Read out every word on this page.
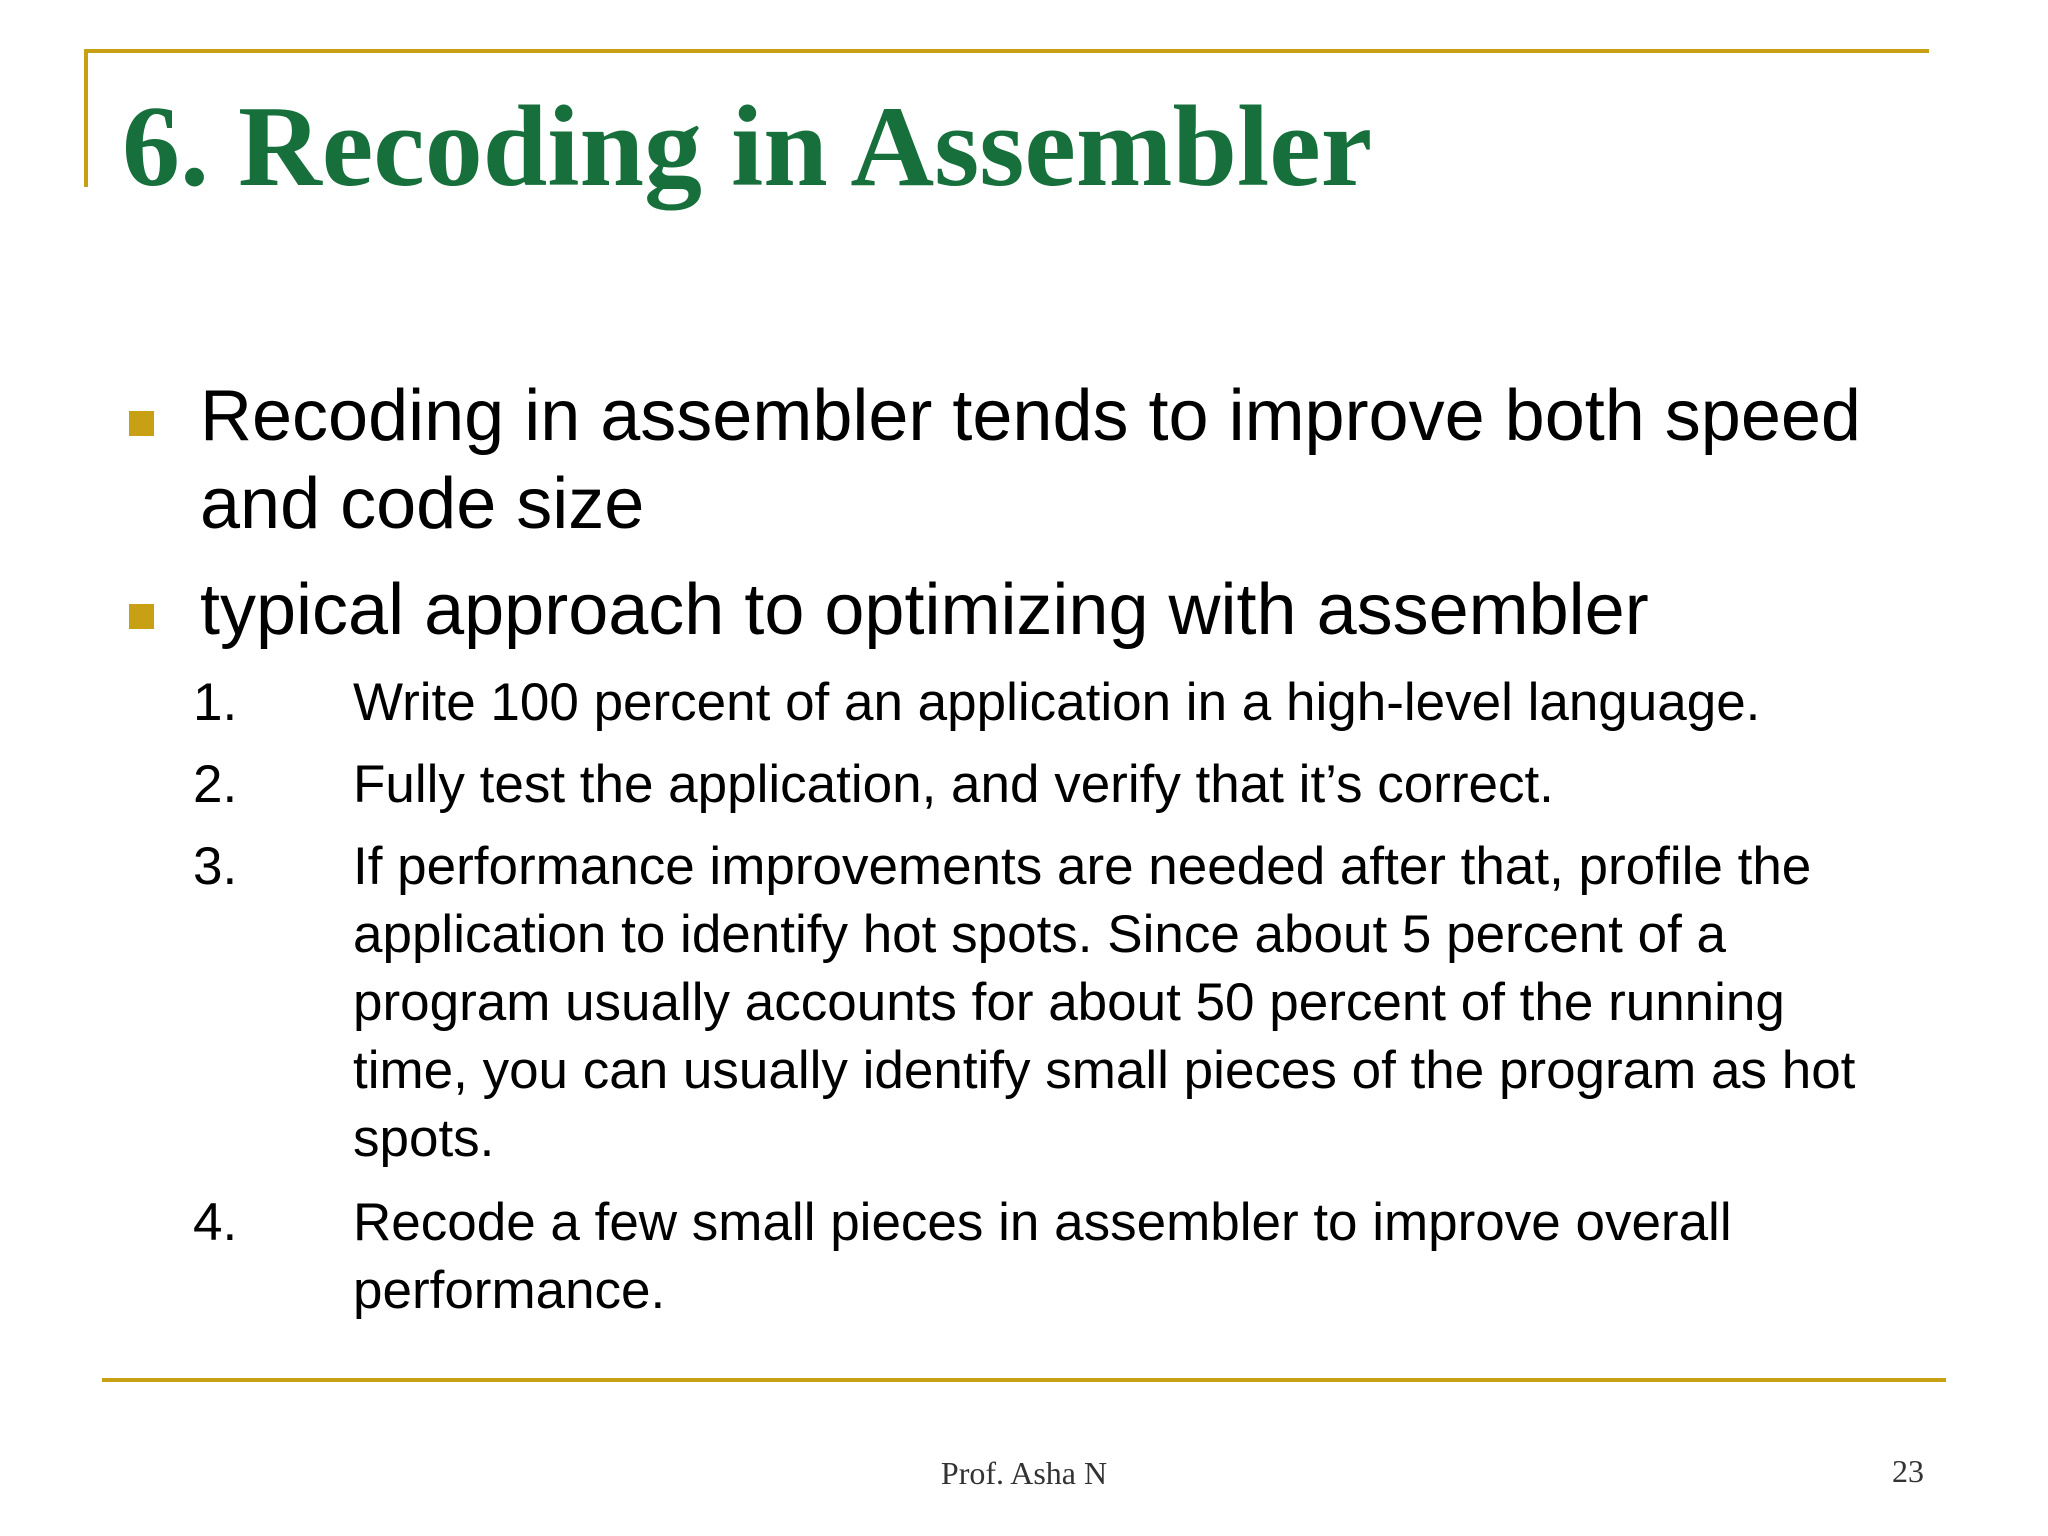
6. Recoding in Assembler

Recoding in assembler tends to improve both speed and code size

typical approach to optimizing with assembler

1. Write 100 percent of an application in a high-level language.

2. Fully test the application, and verify that it’s correct.

3. If performance improvements are needed after that, profile the application to identify hot spots. Since about 5 percent of a program usually accounts for about 50 percent of the running time, you can usually identify small pieces of the program as hot spots.

4. Recode a few small pieces in assembler to improve overall performance.

Prof. Asha N	23
